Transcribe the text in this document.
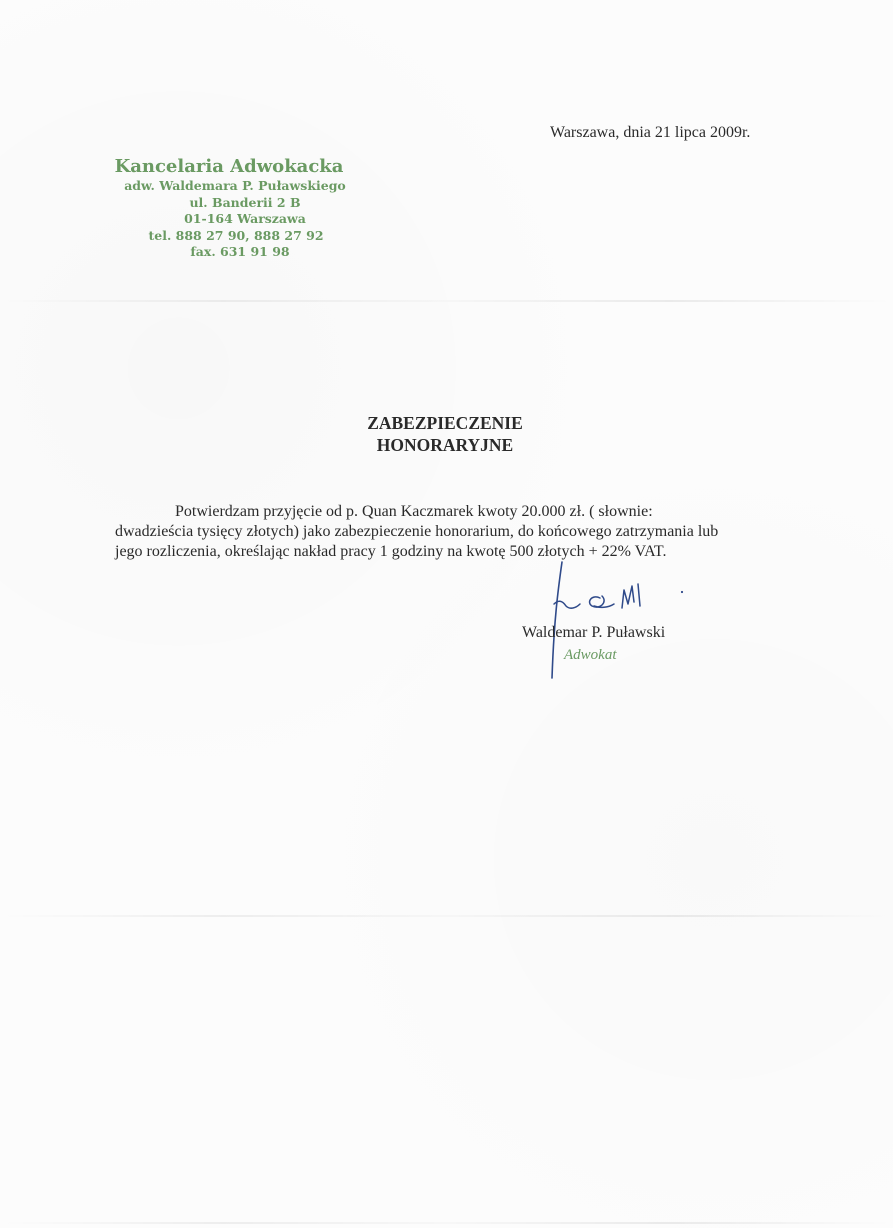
Warszawa, dnia 21 lipca 2009r.
Kancelaria Adwokacka
adw. Waldemara P. Puławskiego
ul. Banderii 2 B
01-164 Warszawa
tel. 888 27 90, 888 27 92
fax. 631 91 98
ZABEZPIECZENIE
HONORARYJNE
Potwierdzam przyjęcie od p. Quan Kaczmarek kwoty 20.000 zł. ( słownie:
dwadzieścia tysięcy złotych) jako zabezpieczenie honorarium, do końcowego zatrzymania lub
jego rozliczenia, określając nakład pracy 1 godziny na kwotę 500 złotych + 22% VAT.
Waldemar P. Puławski
Adwokat
